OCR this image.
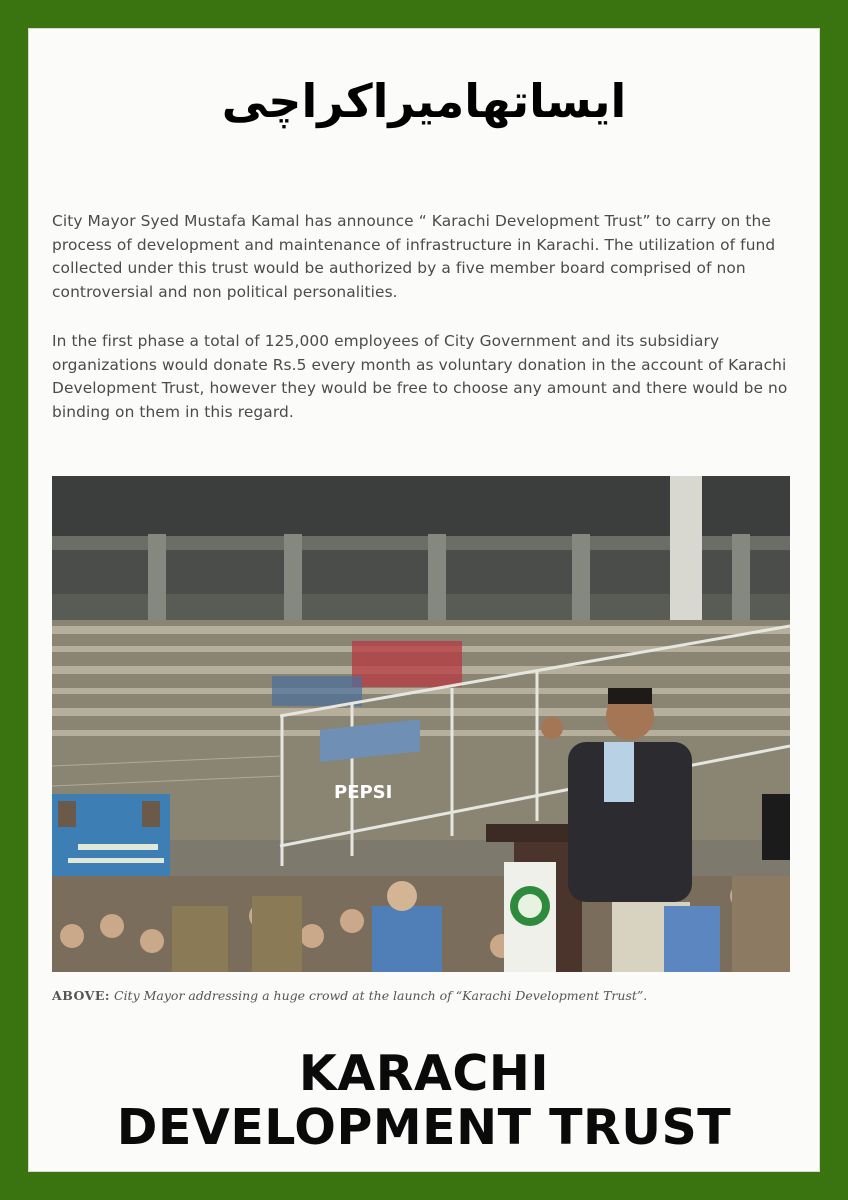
ایساتھامیراکراچی
City Mayor Syed Mustafa Kamal has announce “ Karachi Development Trust” to carry on the process of development and maintenance of infrastructure in Karachi. The utilization of fund collected under this trust would be authorized by a five member board comprised of non controversial and non political personalities.
In the first phase a total of 125,000 employees of City Government and its subsidiary organizations would donate Rs.5 every month as voluntary donation in the account of Karachi Development Trust, however they would be free to choose any amount and there would be no binding on them in this regard.
PEPSI
ABOVE: City Mayor addressing a huge crowd at the launch of “Karachi Development Trust”.
KARACHI
DEVELOPMENT TRUST
